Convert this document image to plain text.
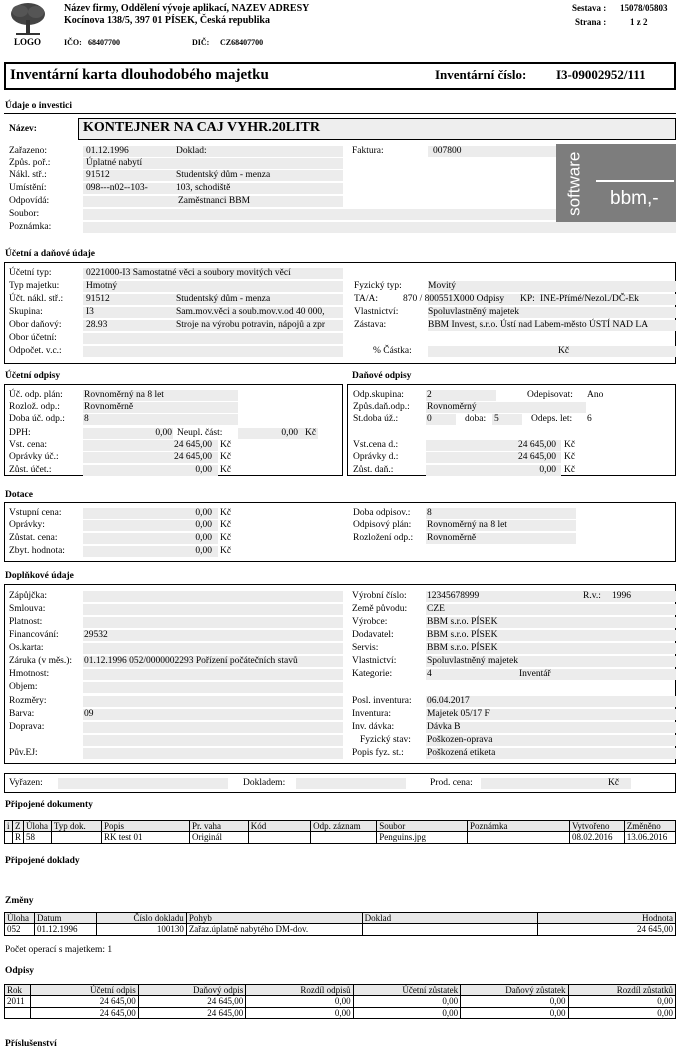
LOGO
Název firmy, Oddělení vývoje aplikací, NAZEV ADRESY
Kocínova 138/5, 397 01 PÍSEK, Česká republika
IČO: 68407700	DIČ: CZ68407700
Sestava : 15078/05803
Strana :	1 z 2
Inventární karta dlouhodobého majetku	Inventární číslo: I3-09002952/111
Údaje o investici
Název:	KONTEJNER NA CAJ VYHR.20LITR
Zařazeno:	01.12.1996	Doklad:	Faktura:	007800
Způs. poř.:	Úplatné nabytí
Nákl. stř.:	91512	Studentský dům - menza
Umístění:	098---n02--103-	103, schodiště
Odpovídá:	Zaměstnanci BBM
Soubor:
Poznámka:
software bbm,-
Účetní a daňové údaje
Účetní typ:	0221000-I3 Samostatné věci a soubory movitých věcí
Typ majetku:	Hmotný	Fyzický typ:	Movitý
Účt. nákl. stř.: 91512	Studentský dům - menza	TA/A:	870 / 800551X000 Odpisy KP: INE-Přímé/Nezol./DČ-Ek
Skupina:	I3	Sam.mov.věci a soub.mov.v.od 40 000,	Vlastnictví:	Spoluvlastněný majetek
Obor daňový:	28.93	Stroje na výrobu potravin, nápojů a zpr	Zástava:	BBM Invest, s.r.o. Ústí nad Labem-město ÚSTÍ NAD LA
Obor účetní:
Odpočet. v.c.:	% Částka:	Kč
Účetní odpisy
Úč. odp. plán: Rovnoměrný na 8 let
Rozlož. odp.:	Rovnoměrně
Doba úč. odp.: 8
DPH:	0,00 Neupl. část:	0,00 Kč
Vst. cena:	24 645,00 Kč
Oprávky úč.:	24 645,00 Kč
Zůst. účet.:	0,00 Kč
Daňové odpisy
Odp.skupina: 2	Odepisovat: Ano
Způs.daň.odp.: Rovnoměrný
St.doba úž.:	0	doba: 5	Odeps. let: 6
Vst.cena d.:	24 645,00 Kč
Oprávky d.:	24 645,00 Kč
Zůst. daň.:	0,00 Kč
Dotace
Vstupní cena:	0,00 Kč
Oprávky:	0,00 Kč
Zůstat. cena:	0,00 Kč
Zbyt. hodnota:	0,00 Kč
Doba odpisov.: 8
Odpisový plán: Rovnoměrný na 8 let
Rozložení odp.: Rovnoměrně
Doplňkové údaje
Zápůjčka:
Smlouva:
Platnost:
Financování:	29532
Os.karta:
Záruka (v měs.): 01.12.1996 052/0000002293 Pořízení počátečních stavů
Hmotnost:
Objem:
Rozměry:
Barva:	09
Doprava:
Pův.EJ:
Výrobní číslo: 12345678999	R.v.: 1996
Země původu: CZE
Výrobce:	BBM s.r.o. PÍSEK
Dodavatel:	BBM s.r.o. PÍSEK
Servis:	BBM s.r.o. PÍSEK
Vlastnictví:	Spoluvlastněný majetek
Kategorie:	4	Inventář
Posl. inventura: 06.04.2017
Inventura:	Majetek 05/17 F
Inv. dávka:	Dávka B
Fyzický stav: Poškozen-oprava
Popis fyz. st.: Poškozená etiketa
Vyřazen:	Dokladem:	Prod. cena:	Kč
Připojené dokumenty
i	Z	Úloha	Typ dok.	Popis	Pr. vaha	Kód	Odp. záznam	Soubor	Poznámka	Vytvořeno	Změněno
	R	58		RK test 01	Originál			Penguins.jpg		08.02.2016	13.06.2016
Připojené doklady
Změny
Úloha	Datum	Číslo dokladu	Pohyb	Doklad	Hodnota
052	01.12.1996	100130	Zařaz.úplatně nabytého DM-dov.		24 645,00
Počet operací s majetkem: 1
Odpisy
Rok	Účetní odpis	Daňový odpis	Rozdíl odpisů	Účetní zůstatek	Daňový zůstatek	Rozdíl zůstatků
2011	24 645,00	24 645,00	0,00	0,00	0,00	0,00
	24 645,00	24 645,00	0,00	0,00	0,00	0,00
Příslušenství
